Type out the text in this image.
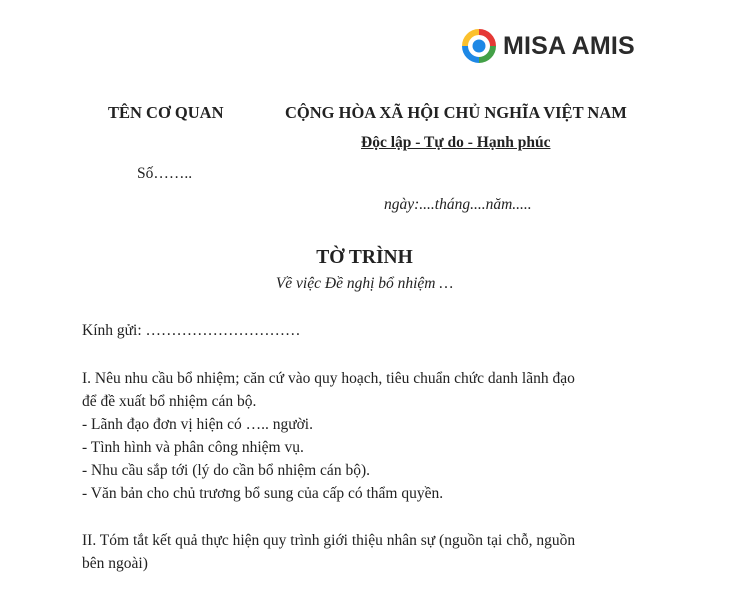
MISA AMIS
TÊN CƠ QUAN	CỘNG HÒA XÃ HỘI CHỦ NGHĨA VIỆT NAM
Độc lập - Tự do - Hạnh phúc
Số……..
ngày:....tháng....năm.....
TỜ TRÌNH
Về việc Đề nghị bổ nhiệm …
Kính gửi: …………………………
I. Nêu nhu cầu bổ nhiệm; căn cứ vào quy hoạch, tiêu chuẩn chức danh lãnh đạo
để đề xuất bổ nhiệm cán bộ.
- Lãnh đạo đơn vị hiện có ….. người.
- Tình hình và phân công nhiệm vụ.
- Nhu cầu sắp tới (lý do cần bổ nhiệm cán bộ).
- Văn bản cho chủ trương bổ sung của cấp có thẩm quyền.
II. Tóm tắt kết quả thực hiện quy trình giới thiệu nhân sự (nguồn tại chỗ, nguồn
bên ngoài)
